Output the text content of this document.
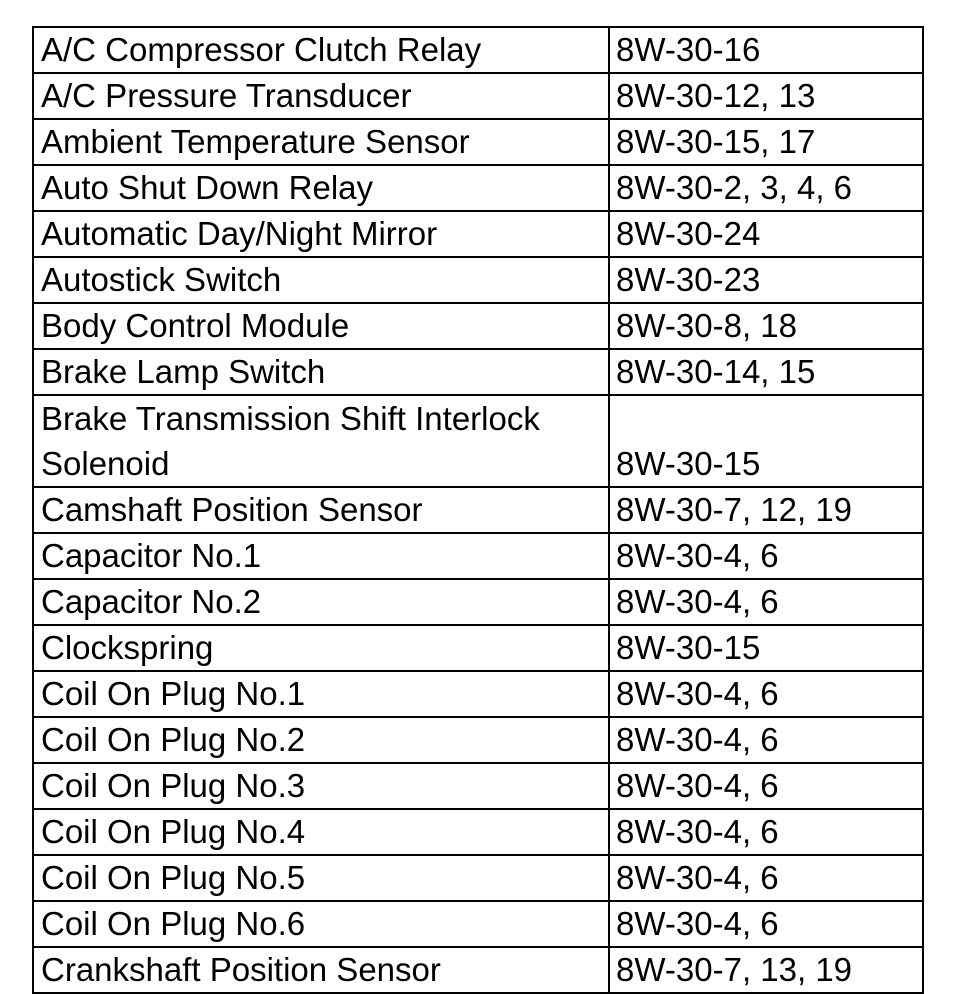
A/C Compressor Clutch Relay	8W-30-16
A/C Pressure Transducer	8W-30-12, 13
Ambient Temperature Sensor	8W-30-15, 17
Auto Shut Down Relay	8W-30-2, 3, 4, 6
Automatic Day/Night Mirror	8W-30-24
Autostick Switch	8W-30-23
Body Control Module	8W-30-8, 18
Brake Lamp Switch	8W-30-14, 15
Brake Transmission Shift Interlock Solenoid	8W-30-15
Camshaft Position Sensor	8W-30-7, 12, 19
Capacitor No.1	8W-30-4, 6
Capacitor No.2	8W-30-4, 6
Clockspring	8W-30-15
Coil On Plug No.1	8W-30-4, 6
Coil On Plug No.2	8W-30-4, 6
Coil On Plug No.3	8W-30-4, 6
Coil On Plug No.4	8W-30-4, 6
Coil On Plug No.5	8W-30-4, 6
Coil On Plug No.6	8W-30-4, 6
Crankshaft Position Sensor	8W-30-7, 13, 19
